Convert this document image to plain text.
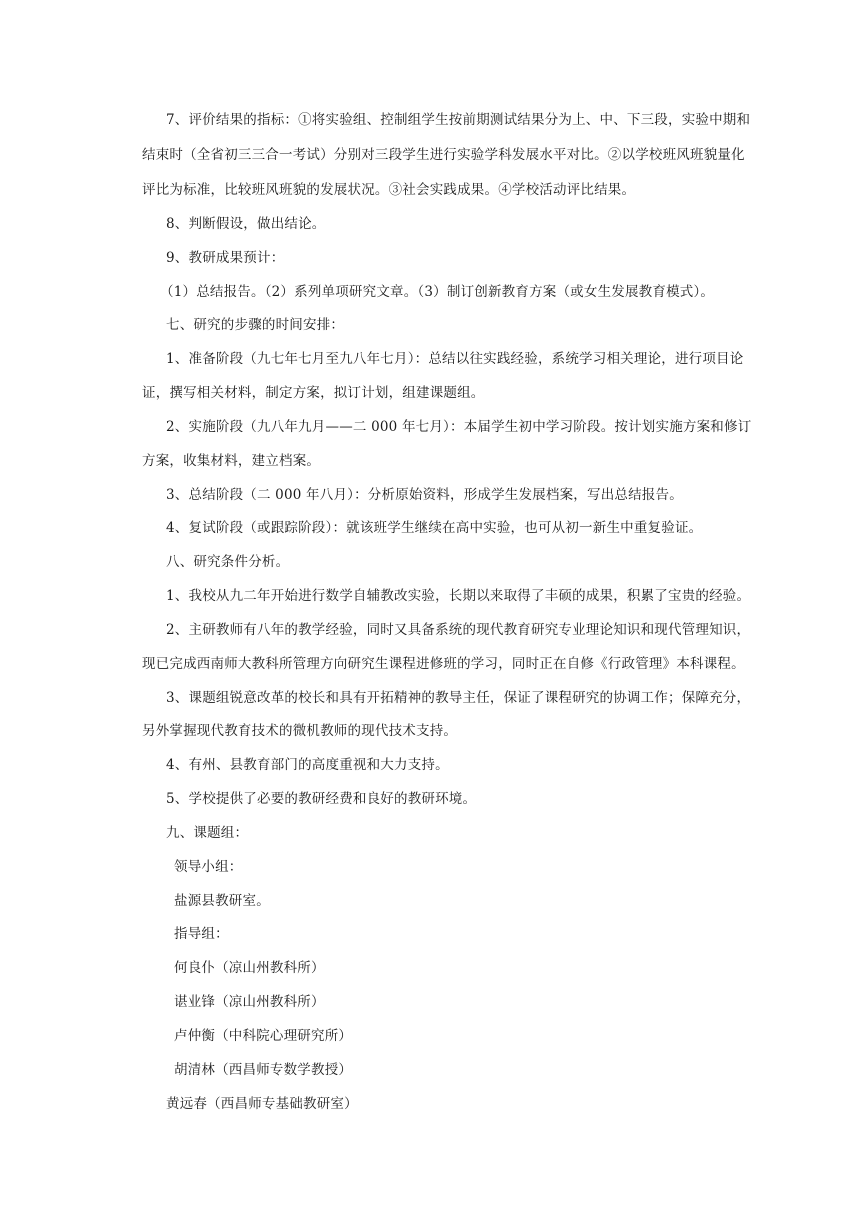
7、评价结果的指标：①将实验组、控制组学生按前期测试结果分为上、中、下三段，实验中期和
结束时（全省初三三合一考试）分别对三段学生进行实验学科发展水平对比。②以学校班风班貌量化
评比为标准，比较班风班貌的发展状况。③社会实践成果。④学校活动评比结果。
8、判断假设，做出结论。
9、教研成果预计：
（1）总结报告。（2）系列单项研究文章。（3）制订创新教育方案（或女生发展教育模式）。
七、研究的步骤的时间安排：
1、准备阶段（九七年七月至九八年七月）：总结以往实践经验，系统学习相关理论，进行项目论
证，撰写相关材料，制定方案，拟订计划，组建课题组。
2、实施阶段（九八年九月——二 000 年七月）：本届学生初中学习阶段。按计划实施方案和修订
方案，收集材料，建立档案。
3、总结阶段（二 000 年八月）：分析原始资料，形成学生发展档案，写出总结报告。
4、复试阶段（或跟踪阶段）：就该班学生继续在高中实验，也可从初一新生中重复验证。
八、研究条件分析。
1、我校从九二年开始进行数学自辅教改实验，长期以来取得了丰硕的成果，积累了宝贵的经验。
2、主研教师有八年的教学经验，同时又具备系统的现代教育研究专业理论知识和现代管理知识，
现已完成西南师大教科所管理方向研究生课程进修班的学习，同时正在自修《行政管理》本科课程。
3、课题组锐意改革的校长和具有开拓精神的教导主任，保证了课程研究的协调工作；保障充分，
另外掌握现代教育技术的微机教师的现代技术支持。
4、有州、县教育部门的高度重视和大力支持。
5、学校提供了必要的教研经费和良好的教研环境。
九、课题组：
领导小组：
盐源县教研室。
指导组：
何良仆（凉山州教科所）
谌业锋（凉山州教科所）
卢仲衡（中科院心理研究所）
胡清林（西昌师专数学教授）
黄远春（西昌师专基础教研室）
